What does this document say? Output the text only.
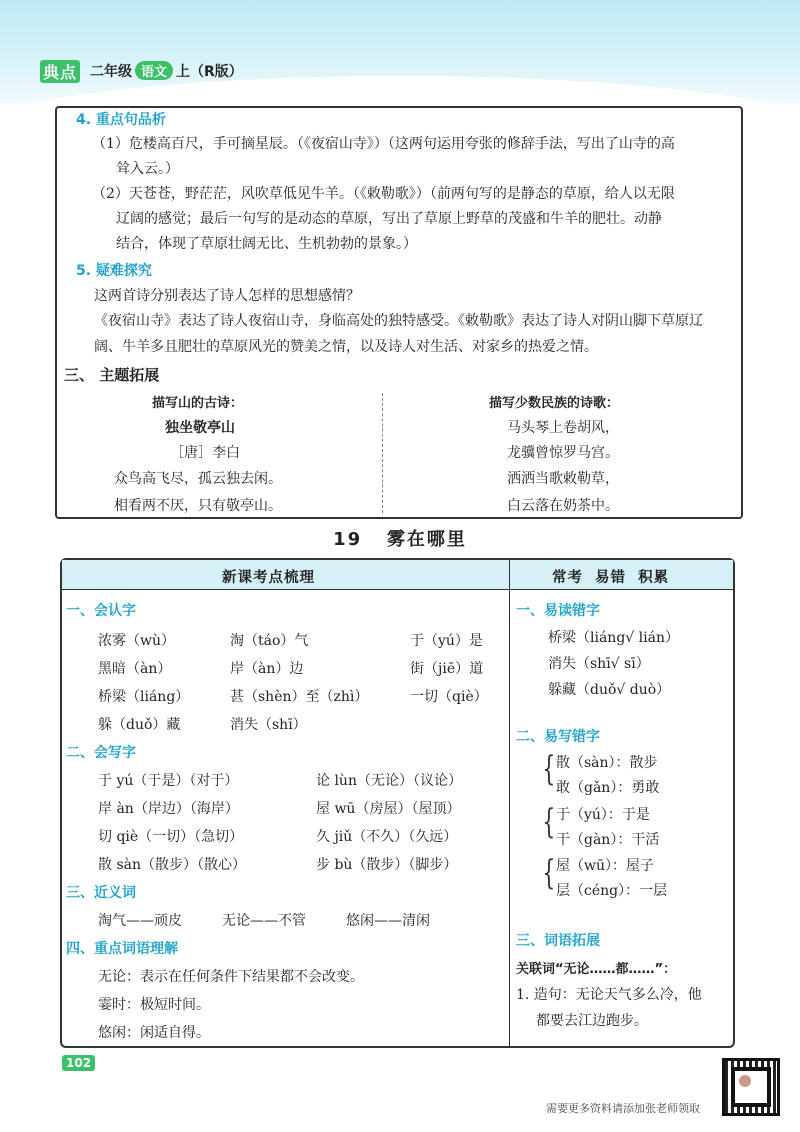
典点 二年级 语文 上（R版）
4. 重点句品析
（1）危楼高百尺，手可摘星辰。（《夜宿山寺》）（这两句运用夸张的修辞手法，写出了山寺的高
耸入云。）
（2）天苍苍，野茫茫，风吹草低见牛羊。（《敕勒歌》）（前两句写的是静态的草原，给人以无限
辽阔的感觉；最后一句写的是动态的草原，写出了草原上野草的茂盛和牛羊的肥壮。动静
结合，体现了草原壮阔无比、生机勃勃的景象。）
5. 疑难探究
这两首诗分别表达了诗人怎样的思想感情？
《夜宿山寺》表达了诗人夜宿山寺，身临高处的独特感受。《敕勒歌》表达了诗人对阴山脚下草原辽
阔、牛羊多且肥壮的草原风光的赞美之情，以及诗人对生活、对家乡的热爱之情。
三、 主题拓展
描写山的古诗：
独坐敬亭山
［唐］李白
众鸟高飞尽，孤云独去闲。
相看两不厌，只有敬亭山。
描写少数民族的诗歌：
马头琴上卷胡风，
龙骥曾惊罗马宫。
洒洒当歌敕勒草，
白云落在奶茶中。
19 雾在哪里
新课考点梳理	常考 易错 积累
一、会认字
浓雾（wù）	淘（táo）气	于（yú）是
黑暗（àn）	岸（àn）边	街（jiē）道
桥梁（liáng）	甚（shèn）至（zhì）	一切（qiè）
躲（duǒ）藏	消失（shī）
二、会写字
于 yú（于是）（对于）	论 lùn（无论）（议论）
岸 àn（岸边）（海岸）	屋 wū（房屋）（屋顶）
切 qiè（一切）（急切）	久 jiǔ（不久）（久远）
散 sàn（散步）（散心）	步 bù（散步）（脚步）
三、近义词
淘气——顽皮	无论——不管	悠闲——清闲
四、重点词语理解
无论：表示在任何条件下结果都不会改变。
霎时：极短时间。
悠闲：闲适自得。
一、易读错字
桥梁（liáng√ lián）
消失（shī√ sī）
躲藏（duǒ√ duò）
二、易写错字
{ 散（sàn）：散步
敢（gǎn）：勇敢
{ 于（yú）：于是
干（gàn）：干活
{ 屋（wū）：屋子
层（céng）：一层
三、词语拓展
关联词“无论……都……”：
1. 造句：无论天气多么冷，他
都要去江边跑步。
102
需要更多资料请添加张老师领取
